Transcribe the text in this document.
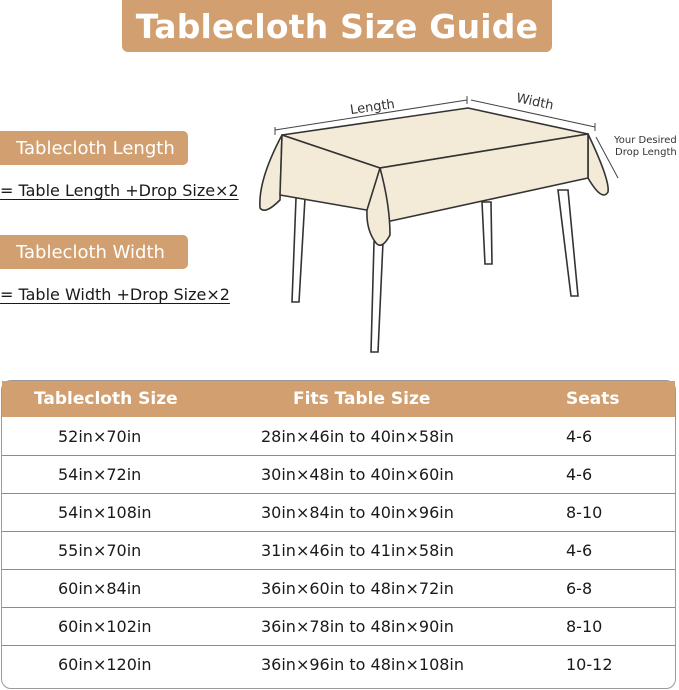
Tablecloth Size Guide
Tablecloth Length
= Table Length +Drop Size×2
Tablecloth Width
= Table Width +Drop Size×2
Length	Width
Your Desired
Drop Length
Tablecloth Size	Fits Table Size	Seats
52in×70in	28in×46in to 40in×58in	4-6
54in×72in	30in×48in to 40in×60in	4-6
54in×108in	30in×84in to 40in×96in	8-10
55in×70in	31in×46in to 41in×58in	4-6
60in×84in	36in×60in to 48in×72in	6-8
60in×102in	36in×78in to 48in×90in	8-10
60in×120in	36in×96in to 48in×108in	10-12
